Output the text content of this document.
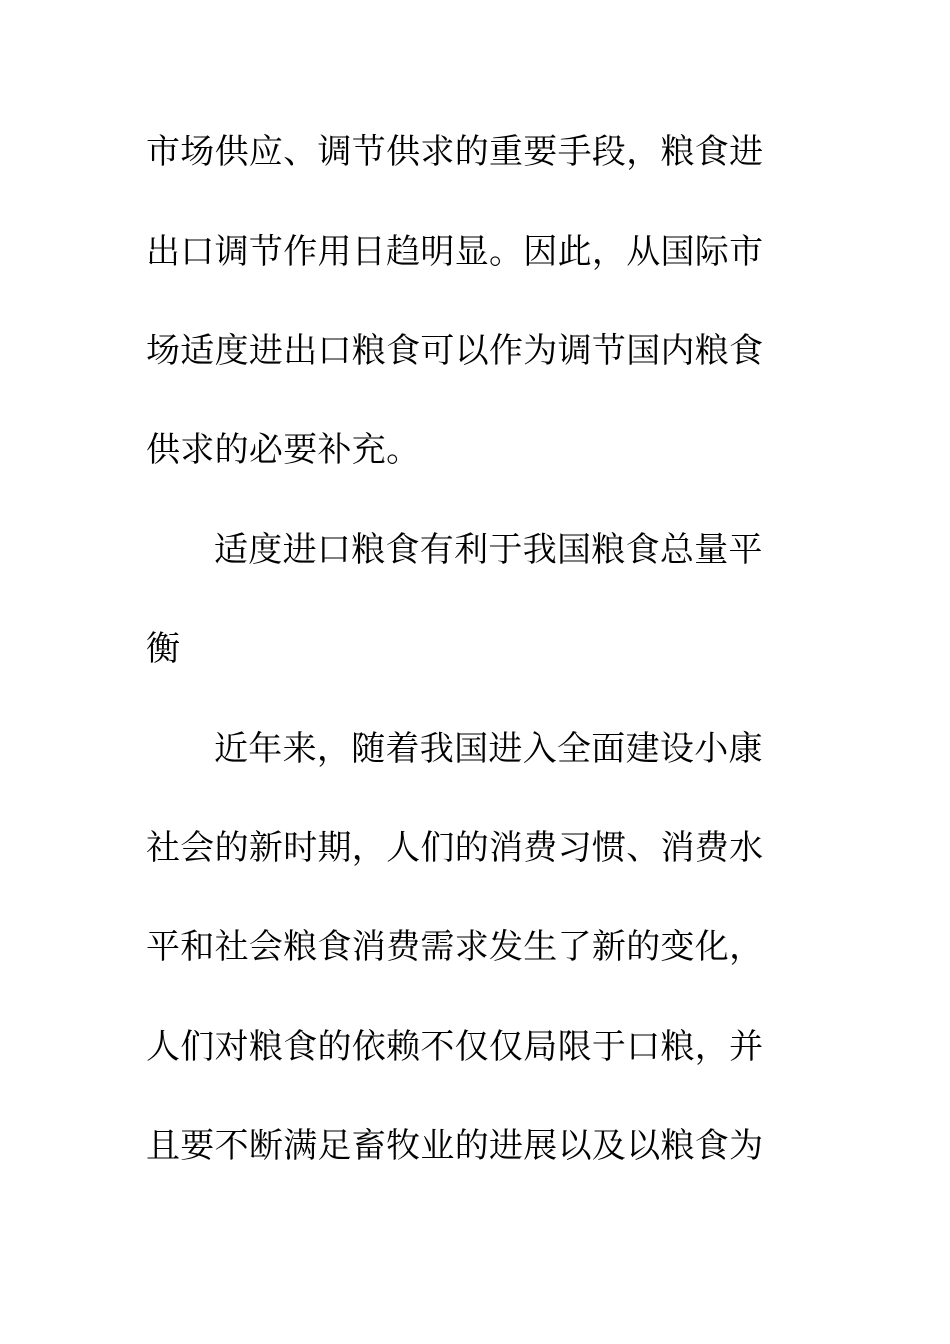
市场供应、调节供求的重要手段，粮食进
出口调节作用日趋明显。因此，从国际市
场适度进出口粮食可以作为调节国内粮食
供求的必要补充。
适度进口粮食有利于我国粮食总量平
衡
近年来，随着我国进入全面建设小康
社会的新时期，人们的消费习惯、消费水
平和社会粮食消费需求发生了新的变化，
人们对粮食的依赖不仅仅局限于口粮，并
且要不断满足畜牧业的进展以及以粮食为
